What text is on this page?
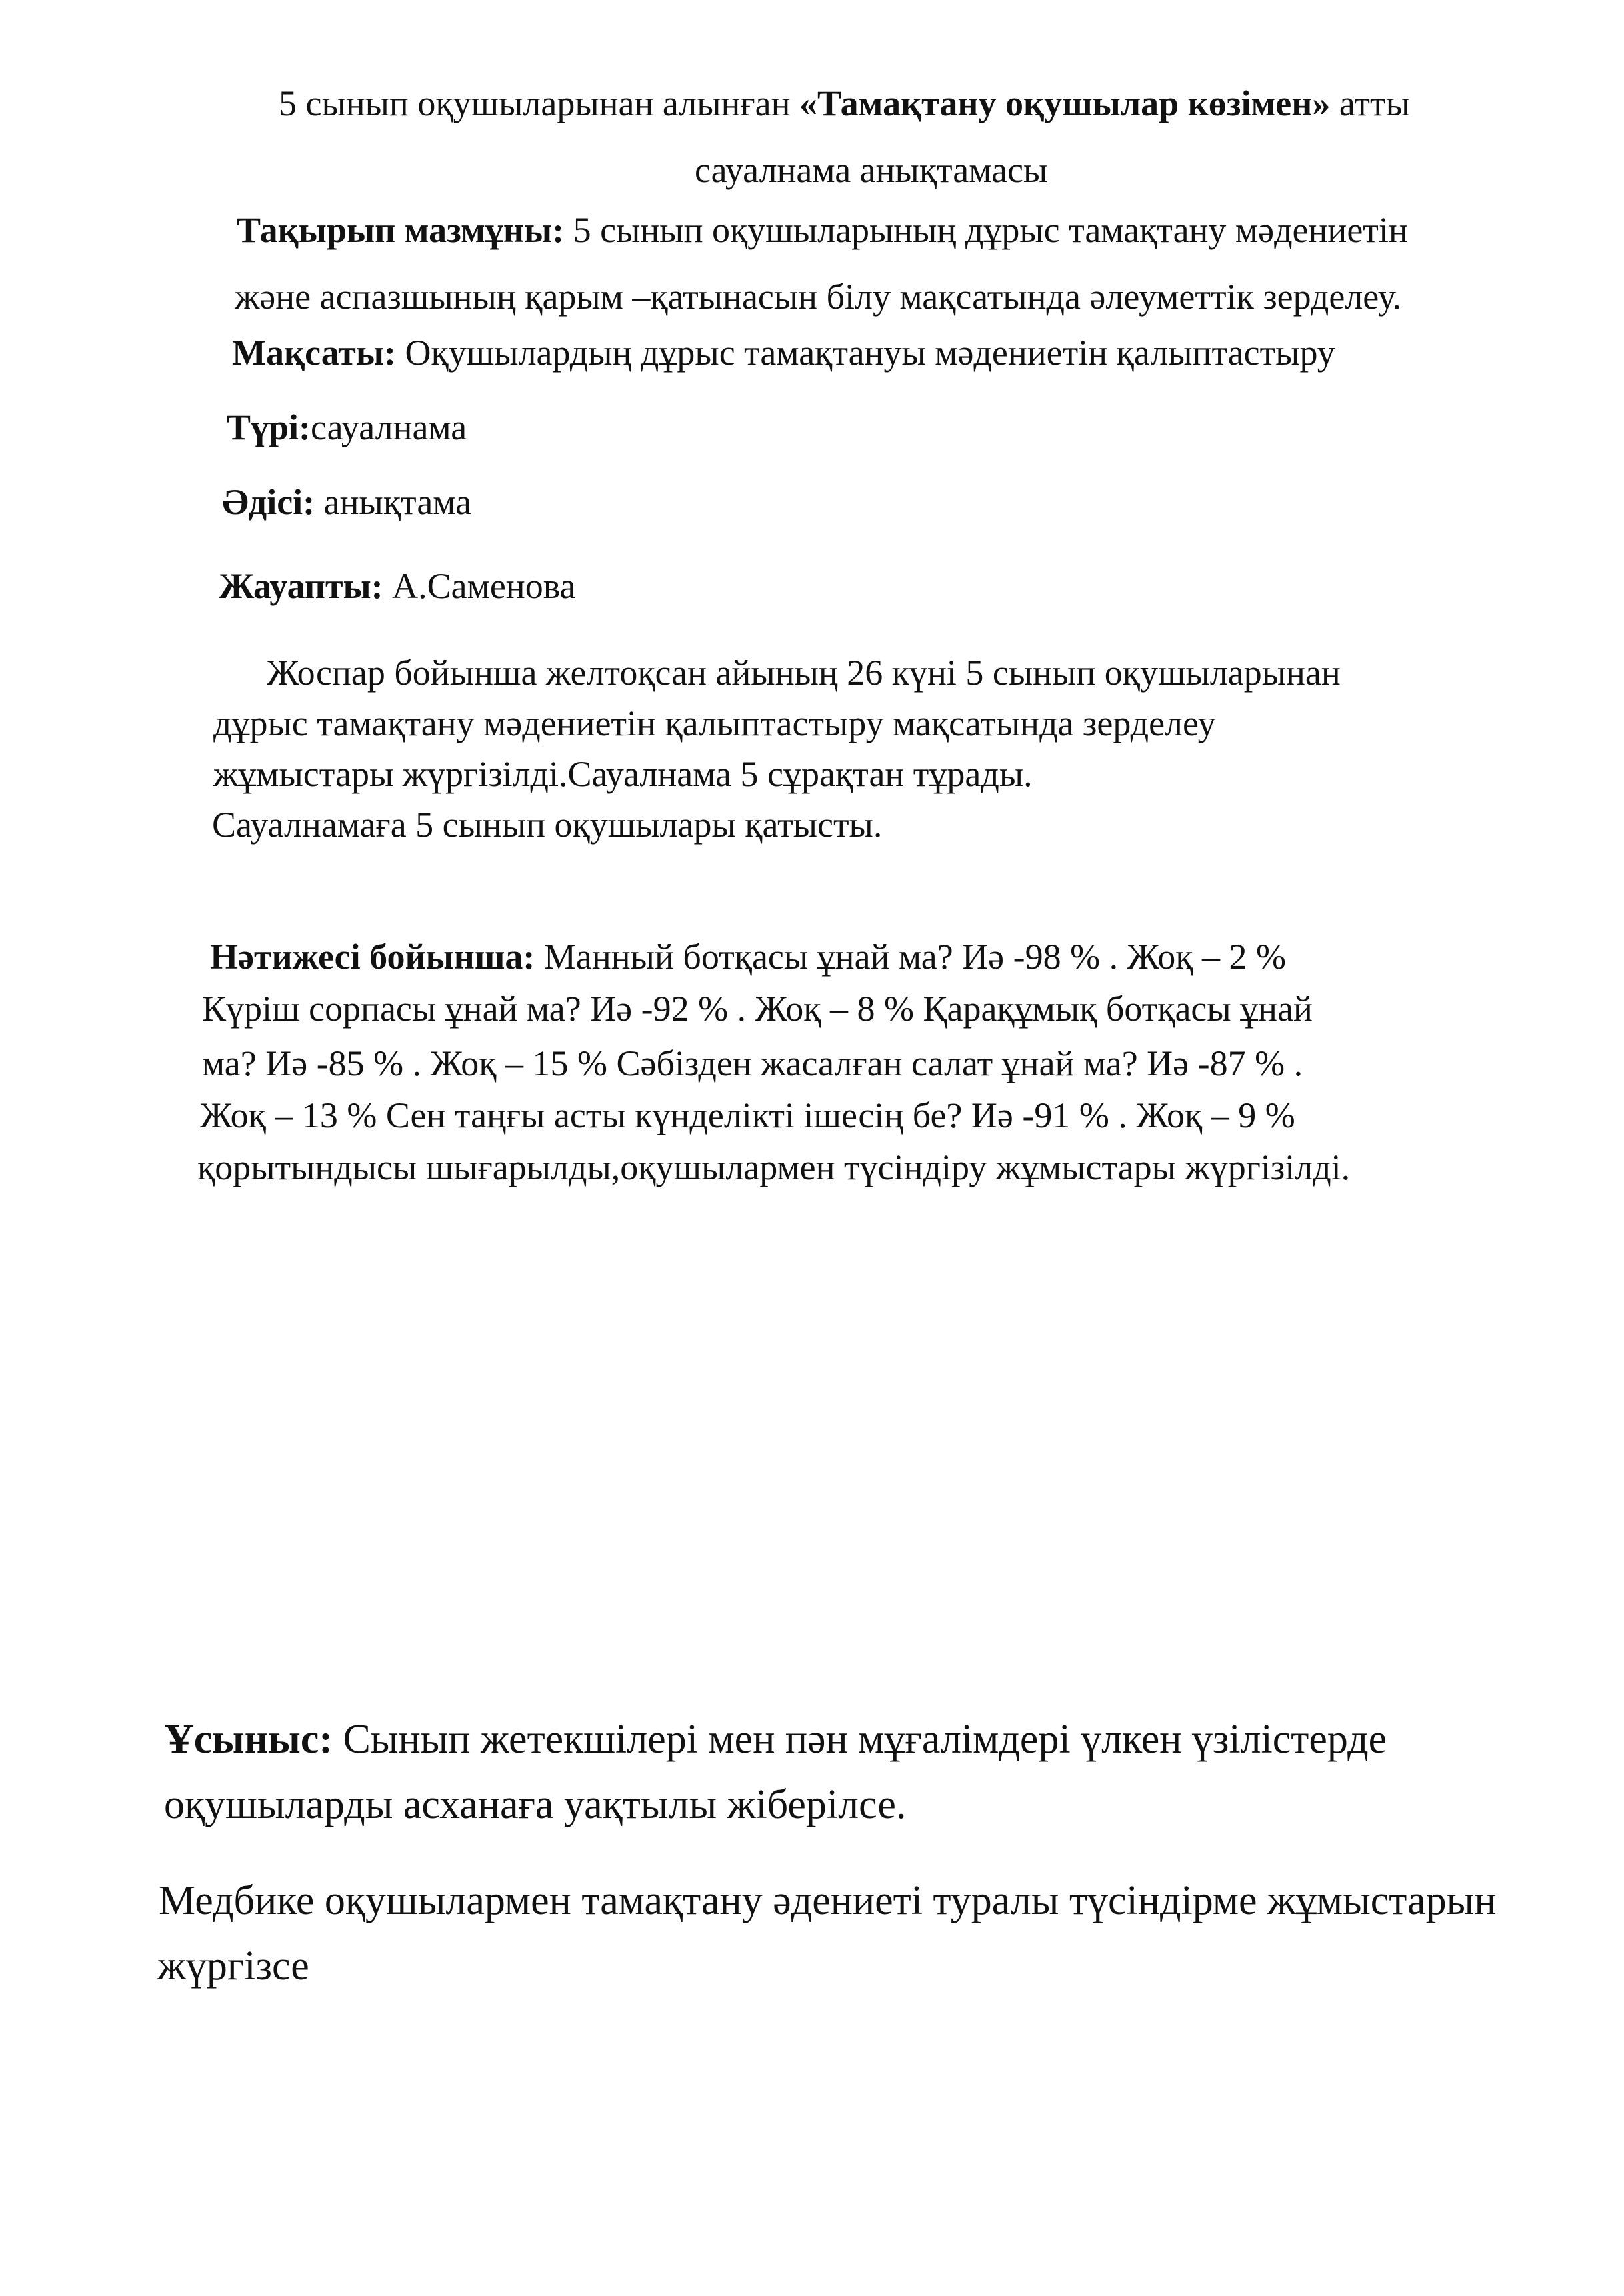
5 сынып оқушыларынан алынған «Тамақтану оқушылар көзімен» атты
сауалнама анықтамасы
Тақырып мазмұны: 5 сынып оқушыларының дұрыс тамақтану мәдениетін
және аспазшының қарым –қатынасын білу мақсатында әлеуметтік зерделеу.
Мақсаты: Оқушылардың дұрыс тамақтануы мәдениетін қалыптастыру
Түрі:сауалнама
Әдісі: анықтама
Жауапты: А.Саменова
Жоспар бойынша желтоқсан айының 26 күні 5 сынып оқушыларынан
дұрыс тамақтану мәдениетін қалыптастыру мақсатында зерделеу
жұмыстары жүргізілді.Сауалнама 5 сұрақтан тұрады.
Сауалнамаға 5 сынып оқушылары қатысты.
Нәтижесі бойынша: Манный ботқасы ұнай ма? Иә -98 % . Жоқ – 2 %
Күріш сорпасы ұнай ма? Иә -92 % . Жоқ – 8 % Қарақұмық ботқасы ұнай
ма? Иә -85 % . Жоқ – 15 % Сәбізден жасалған салат ұнай ма? Иә -87 % .
Жоқ – 13 % Сен таңғы асты күнделікті ішесің бе? Иә -91 % . Жоқ – 9 %
қорытындысы шығарылды,оқушылармен түсіндіру жұмыстары жүргізілді.
Ұсыныс: Сынып жетекшілері мен пән мұғалімдері үлкен үзілістерде
оқушыларды асханаға уақтылы жіберілсе.
Медбике оқушылармен тамақтану әдениеті туралы түсіндірме жұмыстарын
жүргізсе
